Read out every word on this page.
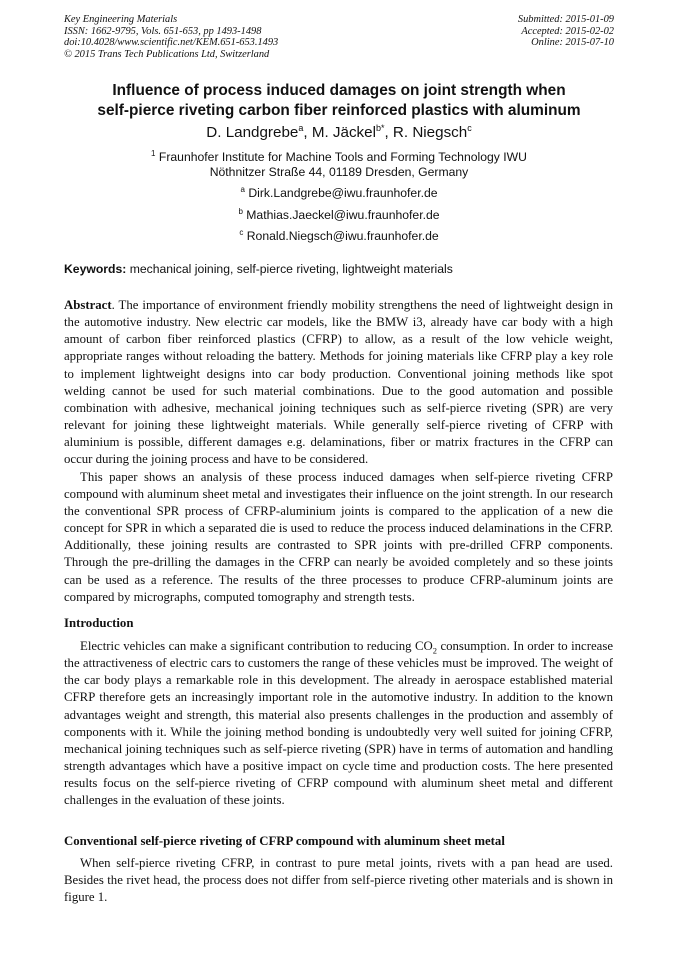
Key Engineering Materials
ISSN: 1662-9795, Vols. 651-653, pp 1493-1498
doi:10.4028/www.scientific.net/KEM.651-653.1493
© 2015 Trans Tech Publications Ltd, Switzerland
Submitted: 2015-01-09
Accepted: 2015-02-02
Online: 2015-07-10
Influence of process induced damages on joint strength when
self-pierce riveting carbon fiber reinforced plastics with aluminum
D. Landgrebe$^a$, M. Jäckel$^{b*}$, R. Niegsch$^c$
$^1$ Fraunhofer Institute for Machine Tools and Forming Technology IWU
Nöthnitzer Straße 44, 01189 Dresden, Germany
$^a$ Dirk.Landgrebe@iwu.fraunhofer.de
$^b$ Mathias.Jaeckel@iwu.fraunhofer.de
$^c$ Ronald.Niegsch@iwu.fraunhofer.de
Keywords: mechanical joining, self-pierce riveting, lightweight materials

Abstract. The importance of environment friendly mobility strengthens the need of lightweight design in the automotive industry. New electric car models, like the BMW i3, already have car body with a high amount of carbon fiber reinforced plastics (CFRP) to allow, as a result of the low vehicle weight, appropriate ranges without reloading the battery. Methods for joining materials like CFRP play a key role to implement lightweight designs into car body production. Conventional joining methods like spot welding cannot be used for such material combinations. Due to the good automation and possible combination with adhesive, mechanical joining techniques such as self-pierce riveting (SPR) are very relevant for joining these lightweight materials. While generally self-pierce riveting of CFRP with aluminium is possible, different damages e.g. delaminations, fiber or matrix fractures in the CFRP can occur during the joining process and have to be considered.

This paper shows an analysis of these process induced damages when self-pierce riveting CFRP compound with aluminum sheet metal and investigates their influence on the joint strength. In our research the conventional SPR process of CFRP-aluminium joints is compared to the application of a new die concept for SPR in which a separated die is used to reduce the process induced delaminations in the CFRP. Additionally, these joining results are contrasted to SPR joints with pre-drilled CFRP components. Through the pre-drilling the damages in the CFRP can nearly be avoided completely and so these joints can be used as a reference. The results of the three processes to produce CFRP-aluminum joints are compared by micrographs, computed tomography and strength tests.

Introduction

Electric vehicles can make a significant contribution to reducing $CO_2$ consumption. In order to increase the attractiveness of electric cars to customers the range of these vehicles must be improved. The weight of the car body plays a remarkable role in this development. The already in aerospace established material CFRP therefore gets an increasingly important role in the automotive industry. In addition to the known advantages weight and strength, this material also presents challenges in the production and assembly of components with it. While the joining method bonding is undoubtedly very well suited for joining CFRP, mechanical joining techniques such as self-pierce riveting (SPR) have in terms of automation and handling strength advantages which have a positive impact on cycle time and production costs. The here presented results focus on the self-pierce riveting of CFRP compound with aluminum sheet metal and different challenges in the evaluation of these joints.

Conventional self-pierce riveting of CFRP compound with aluminum sheet metal

When self-pierce riveting CFRP, in contrast to pure metal joints, rivets with a pan head are used. Besides the rivet head, the process does not differ from self-pierce riveting other materials and is shown in figure 1.
